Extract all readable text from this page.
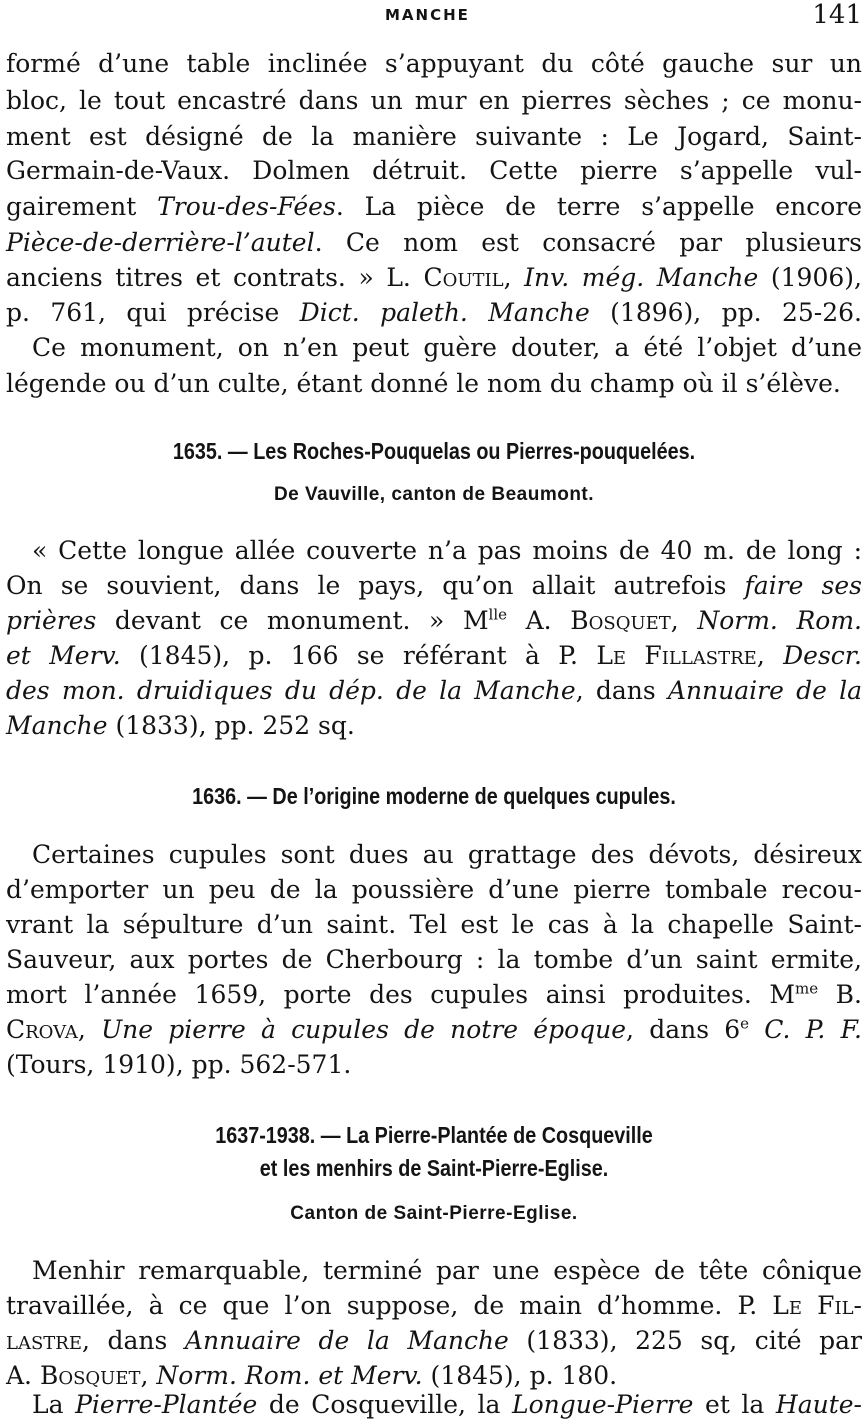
MANCHE	141
formé d’une table inclinée s’appuyant du côté gauche sur un
bloc, le tout encastré dans un mur en pierres sèches ; ce monu-
ment est désigné de la manière suivante : Le Jogard, Saint-
Germain-de-Vaux. Dolmen détruit. Cette pierre s’appelle vul-
gairement Trou-des-Fées. La pièce de terre s’appelle encore
Pièce-de-derrière-l’autel. Ce nom est consacré par plusieurs
anciens titres et contrats. » L. Coutil, Inv. még. Manche (1906),
p. 761, qui précise Dict. paleth. Manche (1896), pp. 25-26.
Ce monument, on n’en peut guère douter, a été l’objet d’une
légende ou d’un culte, étant donné le nom du champ où il s’élève.
1635. — Les Roches-Pouquelas ou Pierres-pouquelées.
De Vauville, canton de Beaumont.
« Cette longue allée couverte n’a pas moins de 40 m. de long :
On se souvient, dans le pays, qu’on allait autrefois faire ses
prières devant ce monument. » $M^{lle}$ A. Bosquet, Norm. Rom.
et Merv. (1845), p. 166 se référant à P. Le Fillastre, Descr.
des mon. druidiques du dép. de la Manche, dans Annuaire de la
Manche (1833), pp. 252 sq.
1636. — De l’origine moderne de quelques cupules.
Certaines cupules sont dues au grattage des dévots, désireux
d’emporter un peu de la poussière d’une pierre tombale recou-
vrant la sépulture d’un saint. Tel est le cas à la chapelle Saint-
Sauveur, aux portes de Cherbourg : la tombe d’un saint ermite,
mort l’année 1659, porte des cupules ainsi produites. $M^{me}$ B.
Crova, Une pierre à cupules de notre époque, dans 6e C. P. F.
(Tours, 1910), pp. 562-571.
1637-1938. — La Pierre-Plantée de Cosqueville
et les menhirs de Saint-Pierre-Eglise.
Canton de Saint-Pierre-Eglise.
Menhir remarquable, terminé par une espèce de tête cônique
travaillée, à ce que l’on suppose, de main d’homme. P. Le Fil-
lastre, dans Annuaire de la Manche (1833), 225 sq, cité par
A. Bosquet, Norm. Rom. et Merv. (1845), p. 180.
La Pierre-Plantée de Cosqueville, la Longue-Pierre et la Haute-
